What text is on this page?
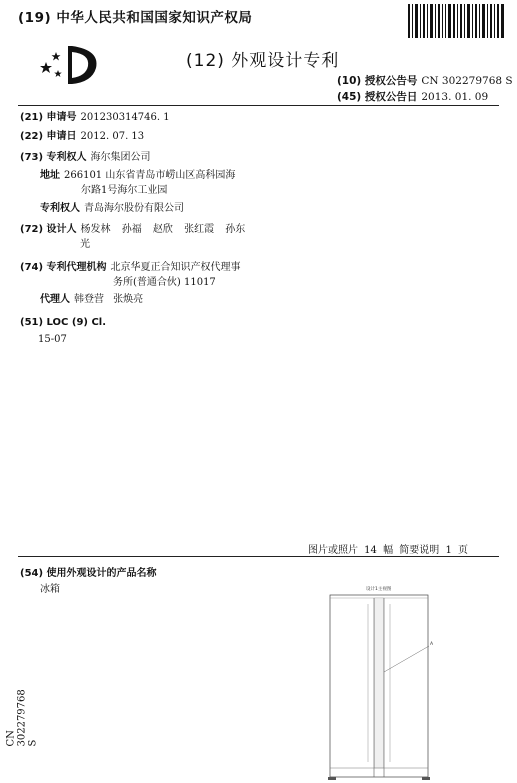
(19) 中华人民共和国国家知识产权局
(12) 外观设计专利
(10) 授权公告号 CN 302279768 S
(45) 授权公告日 2013. 01. 09
(21) 申请号 201230314746. 1
(22) 申请日 2012. 07. 13
(73) 专利权人 海尔集团公司
地址 266101 山东省青岛市崂山区高科园海
尔路1号海尔工业园
专利权人 青岛海尔股份有限公司
(72) 设计人 杨发林 孙福 赵欣 张红霞 孙东
光
(74) 专利代理机构 北京华夏正合知识产权代理事
务所(普通合伙) 11017
代理人 韩登营 张焕亮
(51) LOC (9) Cl.
15-07
图片或照片 14 幅 简要说明 1 页
(54) 使用外观设计的产品名称
冰箱
CN 302279768 S
设计1主视图
A
